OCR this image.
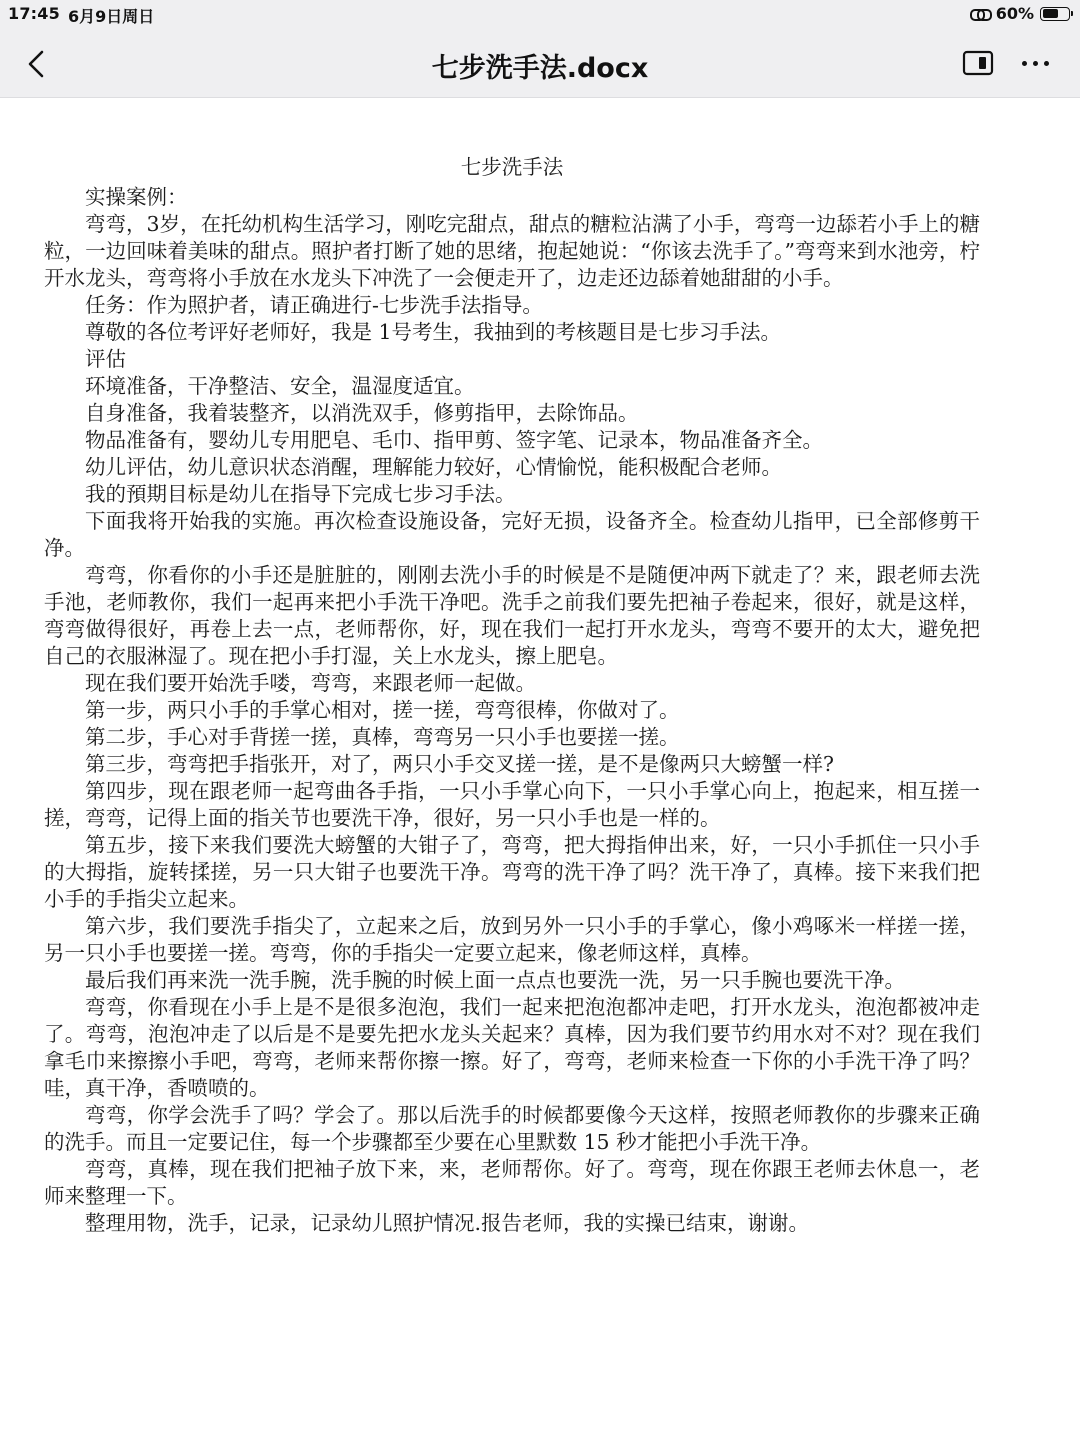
17:45 6月9日周日	60%
七步洗手法.docx
七步洗手法

实操案例：

弯弯，3岁，在托幼机构生活学习，刚吃完甜点，甜点的糖粒沾满了小手，弯弯一边舔若小手上的糖粒，一边回味着美味的甜点。照护者打断了她的思绪，抱起她说：“你该去洗手了。”弯弯来到水池旁，柠开水龙头，弯弯将小手放在水龙头下冲洗了一会便走开了，边走还边舔着她甜甜的小手。

任务：作为照护者，请正确进行-七步洗手法指导。

尊敬的各位考评好老师好，我是 1号考生，我抽到的考核题目是七步习手法。

评估

环境准备，干净整洁、安全，温湿度适宜。

自身准备，我着装整齐，以消洗双手，修剪指甲，去除饰品。

物品准备有，婴幼儿专用肥皂、毛巾、指甲剪、签字笔、记录本，物品准备齐全。

幼儿评估，幼儿意识状态消醒，理解能力较好，心情愉悦，能积极配合老师。

我的預期目标是幼儿在指导下完成七步习手法。

下面我将开始我的实施。再次检查设施设备，完好无损，设备齐全。检查幼儿指甲，已全部修剪干净。

弯弯，你看你的小手还是脏脏的，刚刚去洗小手的时候是不是随便冲两下就走了？来，跟老师去洗手池，老师教你，我们一起再来把小手洗干净吧。洗手之前我们要先把袖子卷起来，很好，就是这样，弯弯做得很好，再卷上去一点，老师帮你，好，现在我们一起打开水龙头，弯弯不要开的太大，避免把自己的衣服淋湿了。现在把小手打湿，关上水龙头，擦上肥皂。

现在我们要开始洗手喽，弯弯，来跟老师一起做。

第一步，两只小手的手掌心相对，搓一搓，弯弯很棒，你做对了。

第二步，手心对手背搓一搓，真棒，弯弯另一只小手也要搓一搓。

第三步，弯弯把手指张开，对了，两只小手交叉搓一搓，是不是像两只大螃蟹一样?

第四步，现在跟老师一起弯曲各手指，一只小手掌心向下，一只小手掌心向上，抱起来，相互搓一搓，弯弯，记得上面的指关节也要洗干净，很好，另一只小手也是一样的。

第五步，接下来我们要洗大螃蟹的大钳子了，弯弯，把大拇指伸出来，好，一只小手抓住一只小手的大拇指，旋转揉搓，另一只大钳子也要洗干净。弯弯的洗干净了吗？洗干净了，真棒。接下来我们把小手的手指尖立起来。

第六步，我们要洗手指尖了，立起来之后，放到另外一只小手的手掌心，像小鸡啄米一样搓一搓，另一只小手也要搓一搓。弯弯，你的手指尖一定要立起来，像老师这样，真棒。

最后我们再来洗一洗手腕，洗手腕的时候上面一点点也要洗一洗，另一只手腕也要洗干净。

弯弯，你看现在小手上是不是很多泡泡，我们一起来把泡泡都冲走吧，打开水龙头，泡泡都被冲走了。弯弯，泡泡冲走了以后是不是要先把水龙头关起来？真棒，因为我们要节约用水对不对？现在我们拿毛巾来擦擦小手吧，弯弯，老师来帮你擦一擦。好了，弯弯，老师来检查一下你的小手洗干净了吗？哇，真干净，香喷喷的。

弯弯，你学会洗手了吗？学会了。那以后洗手的时候都要像今天这样，按照老师教你的步骤来正确的洗手。而且一定要记住，每一个步骤都至少要在心里默数 15 秒才能把小手洗干净。

弯弯，真棒，现在我们把袖子放下来，来，老师帮你。好了。弯弯，现在你跟王老师去休息一，老师来整理一下。

整理用物，洗手，记录，记录幼儿照护情况.报告老师，我的实操已结束，谢谢。
